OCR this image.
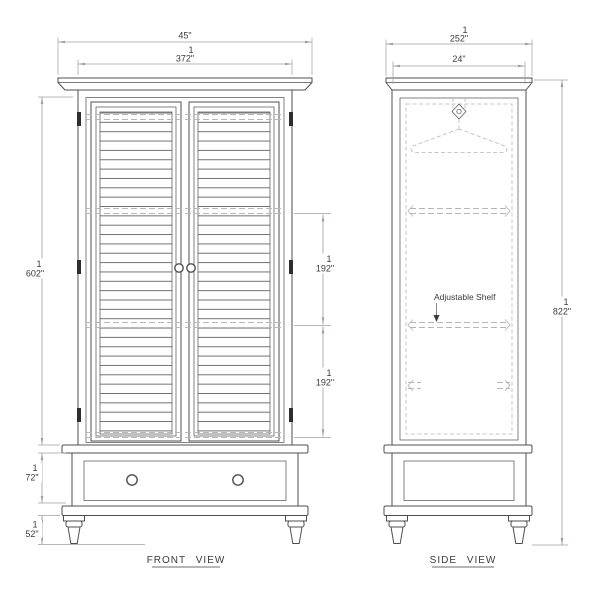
45"
1
372"
1
602"
1
192"
1
192"
1
72"
1
52"
FRONT VIEW
Adjustable Shelf
1
252"
24"
1
822"
SIDE VIEW
